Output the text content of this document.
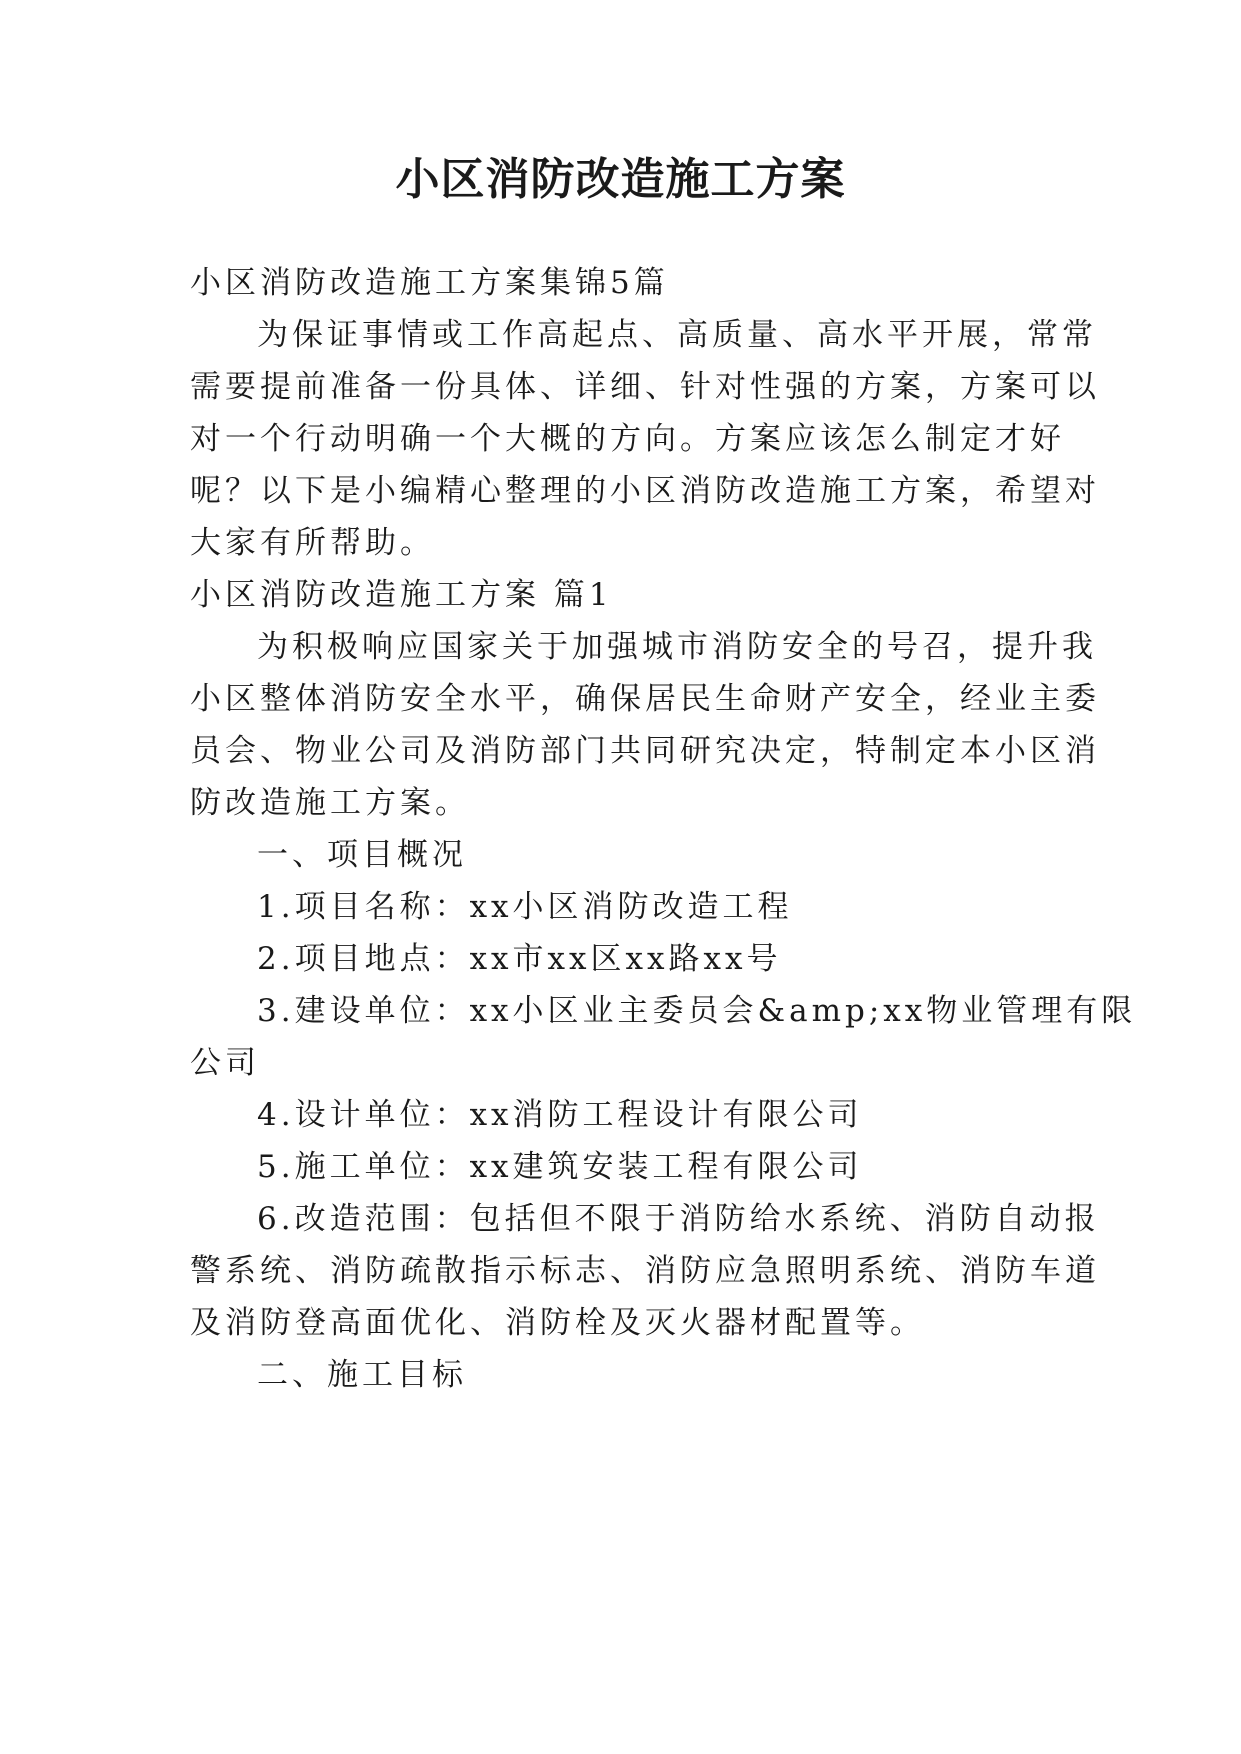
小区消防改造施工方案
小区消防改造施工方案集锦5篇
为保证事情或工作高起点、高质量、高水平开展，常常
需要提前准备一份具体、详细、针对性强的方案，方案可以
对一个行动明确一个大概的方向。方案应该怎么制定才好
呢？以下是小编精心整理的小区消防改造施工方案，希望对
大家有所帮助。
小区消防改造施工方案 篇1
为积极响应国家关于加强城市消防安全的号召，提升我
小区整体消防安全水平，确保居民生命财产安全，经业主委
员会、物业公司及消防部门共同研究决定，特制定本小区消
防改造施工方案。
一、项目概况
1.项目名称：xx小区消防改造工程
2.项目地点：xx市xx区xx路xx号
3.建设单位：xx小区业主委员会&amp;xx物业管理有限
公司
4.设计单位：xx消防工程设计有限公司
5.施工单位：xx建筑安装工程有限公司
6.改造范围：包括但不限于消防给水系统、消防自动报
警系统、消防疏散指示标志、消防应急照明系统、消防车道
及消防登高面优化、消防栓及灭火器材配置等。
二、施工目标
